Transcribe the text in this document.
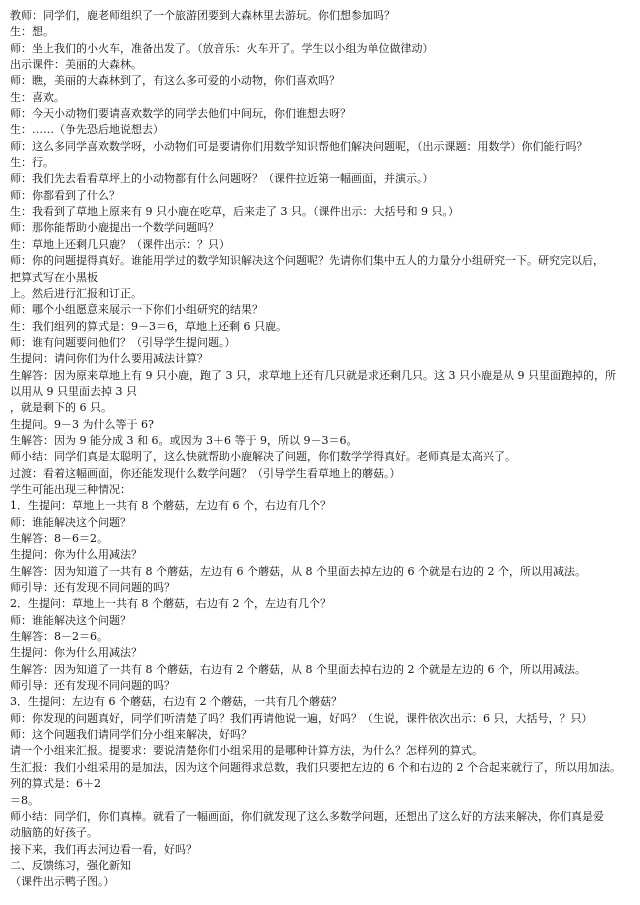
教师：同学们，鹿老师组织了一个旅游团要到大森林里去游玩。你们想参加吗？
生：想。
师：坐上我们的小火车，准备出发了。（放音乐：火车开了。学生以小组为单位做律动）
出示课件：美丽的大森林。
师：瞧，美丽的大森林到了，有这么多可爱的小动物，你们喜欢吗？
生：喜欢。
师：今天小动物们要请喜欢数学的同学去他们中间玩，你们谁想去呀？
生：……（争先恐后地说想去）
师：这么多同学喜欢数学呀，小动物们可是要请你们用数学知识帮他们解决问题呢，（出示课题：用数学）你们能行吗？
生：行。
师：我们先去看看草坪上的小动物都有什么问题呀？（课件拉近第一幅画面，并演示。）
师：你都看到了什么？
生：我看到了草地上原来有 9 只小鹿在吃草，后来走了 3 只。（课件出示：大括号和 9 只。）
师：那你能帮助小鹿提出一个数学问题吗？
生：草地上还剩几只鹿？（课件出示：？只）
师：你的问题提得真好。谁能用学过的数学知识解决这个问题呢？先请你们集中五人的力量分小组研究一下。研究完以后，
把算式写在小黑板
上。然后进行汇报和订正。
师：哪个小组愿意来展示一下你们小组研究的结果？
生：我们组列的算式是：9－3＝6，草地上还剩 6 只鹿。
师：谁有问题要问他们？（引导学生提问题。）
生提问：请问你们为什么要用减法计算？
生解答：因为原来草地上有 9 只小鹿，跑了 3 只，求草地上还有几只就是求还剩几只。这 3 只小鹿是从 9 只里面跑掉的，所
以用从 9 只里面去掉 3 只
，就是剩下的 6 只。
生提问。9－3 为什么等于 6?
生解答：因为 9 能分成 3 和 6。或因为 3＋6 等于 9，所以 9－3＝6。
师小结：同学们真是太聪明了，这么快就帮助小鹿解决了问题，你们数学学得真好。老师真是太高兴了。
过渡：看着这幅画面，你还能发现什么数学问题？（引导学生看草地上的蘑菇。）
学生可能出现三种情况：
1．生提问：草地上一共有 8 个蘑菇，左边有 6 个，右边有几个？
师：谁能解决这个问题？
生解答：8－6＝2。
生提问：你为什么用减法？
生解答：因为知道了一共有 8 个蘑菇，左边有 6 个蘑菇，从 8 个里面去掉左边的 6 个就是右边的 2 个，所以用减法。
师引导：还有发现不同问题的吗？
2．生提问：草地上一共有 8 个蘑菇，右边有 2 个，左边有几个？
师：谁能解决这个问题？
生解答：8－2＝6。
生提问：你为什么用减法？
生解答：因为知道了一共有 8 个蘑菇，右边有 2 个蘑菇，从 8 个里面去掉右边的 2 个就是左边的 6 个，所以用减法。
师引导：还有发现不同问题的吗？
3．生提问：左边有 6 个蘑菇，右边有 2 个蘑菇，一共有几个蘑菇？
师：你发现的问题真好，同学们听清楚了吗？我们再请他说一遍，好吗？（生说，课件依次出示：6 只，大括号，？只）
师：这个问题我们请同学们分小组来解决，好吗？
请一个小组来汇报。提要求：要说清楚你们小组采用的是哪种计算方法，为什么？怎样列的算式。
生汇报：我们小组采用的是加法，因为这个问题得求总数，我们只要把左边的 6 个和右边的 2 个合起来就行了，所以用加法。
列的算式是：6＋2
＝8。
师小结：同学们，你们真棒。就看了一幅画面，你们就发现了这么多数学问题，还想出了这么好的方法来解决，你们真是爱
动脑筋的好孩子。
接下来，我们再去河边看一看，好吗？
二、反馈练习，强化新知
（课件出示鸭子图。）
